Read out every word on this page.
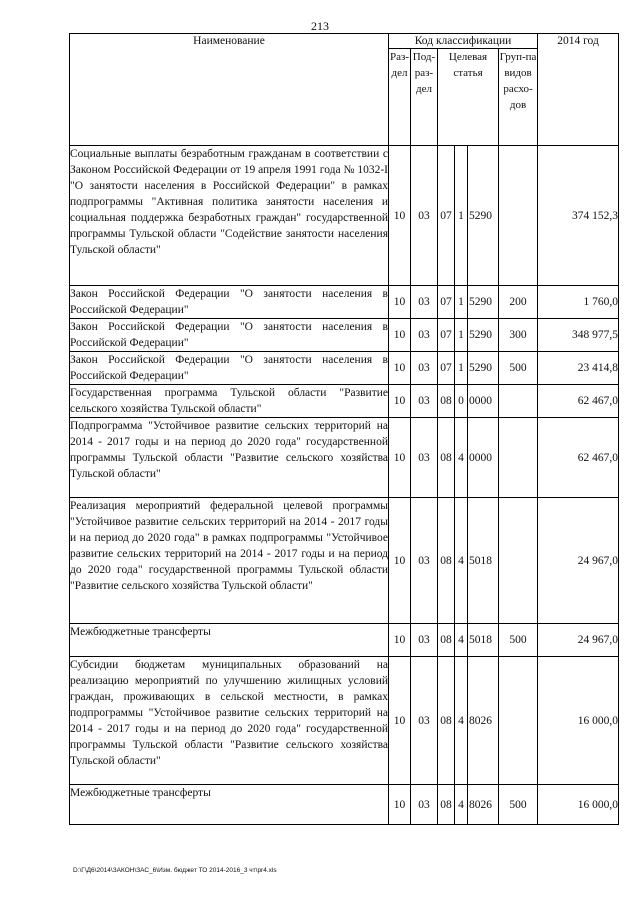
213
Наименование	Код классификации						2014 год
	Раз-дел	Под-раз-дел	Целевая статья			Груп-па видов расхо-дов	
Социальные выплаты безработным гражданам в соответствии с Законом Российской Федерации от 19 апреля 1991 года № 1032-I "О занятости населения в Российской Федерации" в рамках подпрограммы "Активная политика занятости населения и социальная поддержка безработных граждан" государственной программы Тульской области "Содействие занятости населения Тульской области"	10	03	07	1	5290		374 152,3
Закон Российской Федерации "О занятости населения в Российской Федерации"	10	03	07	1	5290	200	1 760,0
Закон Российской Федерации "О занятости населения в Российской Федерации"	10	03	07	1	5290	300	348 977,5
Закон Российской Федерации "О занятости населения в Российской Федерации"	10	03	07	1	5290	500	23 414,8
Государственная программа Тульской области "Развитие сельского хозяйства Тульской области"	10	03	08	0	0000		62 467,0
Подпрограмма "Устойчивое развитие сельских территорий на 2014 - 2017 годы и на период до 2020 года" государственной программы Тульской области "Развитие сельского хозяйства Тульской области"	10	03	08	4	0000		62 467,0
Реализация мероприятий федеральной целевой программы "Устойчивое развитие сельских территорий на 2014 - 2017 годы и на период до 2020 года" в рамках подпрограммы "Устойчивое развитие сельских территорий на 2014 - 2017 годы и на период до 2020 года" государственной программы Тульской области "Развитие сельского хозяйства Тульской области"	10	03	08	4	5018		24 967,0
Межбюджетные трансферты	10	03	08	4	5018	500	24 967,0
Субсидии бюджетам муниципальных образований на реализацию мероприятий по улучшению жилищных условий граждан, проживающих в сельской местности, в рамках подпрограммы "Устойчивое развитие сельских территорий на 2014 - 2017 годы и на период до 2020 года" государственной программы Тульской области "Развитие сельского хозяйства Тульской области"	10	03	08	4	8026		16 000,0
Межбюджетные трансферты	10	03	08	4	8026	500	16 000,0
D:\Г\Д6\2014\ЗАКОН\ЗАС_6\Изм. бюджет ТО 2014-2016_3 чт\pr4.xls
